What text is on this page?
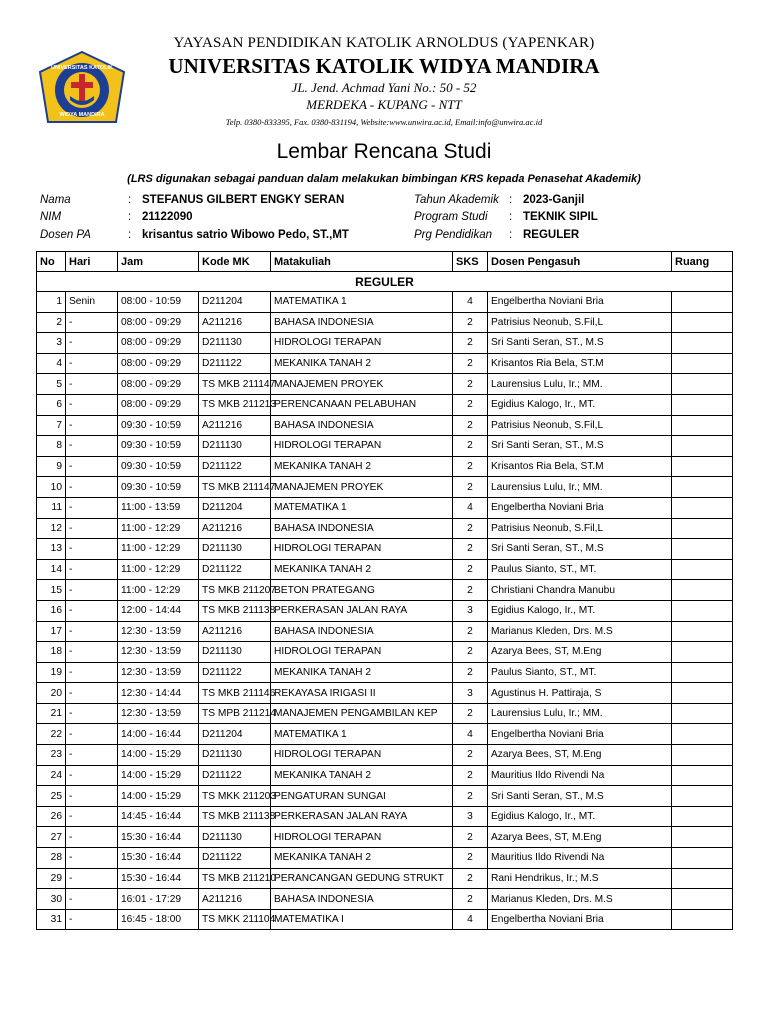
UNIVERSITAS KATOLIK
WIDYA MANDIRA
YAYASAN PENDIDIKAN KATOLIK ARNOLDUS (YAPENKAR)
UNIVERSITAS KATOLIK WIDYA MANDIRA
JL. Jend. Achmad Yani No.: 50 - 52
MERDEKA - KUPANG - NTT
Telp. 0380-833395, Fax. 0380-831194, Website:www.unwira.ac.id, Email:info@unwira.ac.id
Lembar Rencana Studi
(LRS digunakan sebagai panduan dalam melakukan bimbingan KRS kepada Penasehat Akademik)
Nama	: STEFANUS GILBERT ENGKY SERAN
NIM	: 21122090
Dosen PA	: krisantus satrio Wibowo Pedo, ST.,MT
Tahun Akademik : 2023-Ganjil
Program Studi : TEKNIK SIPIL
Prg Pendidikan : REGULER
No	Hari	Jam	Kode MK	Matakuliah	SKS	Dosen Pengasuh	Ruang
REGULER							
1	Senin	08:00 - 10:59	D211204	MATEMATIKA 1	4	Engelbertha Noviani Bria	
2	-	08:00 - 09:29	A211216	BAHASA INDONESIA	2	Patrisius Neonub, S.Fil,L	
3	-	08:00 - 09:29	D211130	HIDROLOGI TERAPAN	2	Sri Santi Seran, ST., M.S	
4	-	08:00 - 09:29	D211122	MEKANIKA TANAH 2	2	Krisantos Ria Bela, ST.M	
5	-	08:00 - 09:29	TS MKB 211147	MANAJEMEN PROYEK	2	Laurensius Lulu, Ir.; MM.	
6	-	08:00 - 09:29	TS MKB 211213	PERENCANAAN PELABUHAN	2	Egidius Kalogo, Ir., MT.	
7	-	09:30 - 10:59	A211216	BAHASA INDONESIA	2	Patrisius Neonub, S.Fil,L	
8	-	09:30 - 10:59	D211130	HIDROLOGI TERAPAN	2	Sri Santi Seran, ST., M.S	
9	-	09:30 - 10:59	D211122	MEKANIKA TANAH 2	2	Krisantos Ria Bela, ST.M	
10	-	09:30 - 10:59	TS MKB 211147	MANAJEMEN PROYEK	2	Laurensius Lulu, Ir.; MM.	
11	-	11:00 - 13:59	D211204	MATEMATIKA 1	4	Engelbertha Noviani Bria	
12	-	11:00 - 12:29	A211216	BAHASA INDONESIA	2	Patrisius Neonub, S.Fil,L	
13	-	11:00 - 12:29	D211130	HIDROLOGI TERAPAN	2	Sri Santi Seran, ST., M.S	
14	-	11:00 - 12:29	D211122	MEKANIKA TANAH 2	2	Paulus Sianto, ST., MT.	
15	-	11:00 - 12:29	TS MKB 211207	BETON PRATEGANG	2	Christiani Chandra Manubu	
16	-	12:00 - 14:44	TS MKB 211138	PERKERASAN JALAN RAYA	3	Egidius Kalogo, Ir., MT.	
17	-	12:30 - 13:59	A211216	BAHASA INDONESIA	2	Marianus Kleden, Drs. M.S	
18	-	12:30 - 13:59	D211130	HIDROLOGI TERAPAN	2	Azarya Bees, ST, M.Eng	
19	-	12:30 - 13:59	D211122	MEKANIKA TANAH 2	2	Paulus Sianto, ST., MT.	
20	-	12:30 - 14:44	TS MKB 211146	REKAYASA IRIGASI II	3	Agustinus H. Pattiraja, S	
21	-	12:30 - 13:59	TS MPB 211214	MANAJEMEN PENGAMBILAN KEP	2	Laurensius Lulu, Ir.; MM.	
22	-	14:00 - 16:44	D211204	MATEMATIKA 1	4	Engelbertha Noviani Bria	
23	-	14:00 - 15:29	D211130	HIDROLOGI TERAPAN	2	Azarya Bees, ST, M.Eng	
24	-	14:00 - 15:29	D211122	MEKANIKA TANAH 2	2	Mauritius Ildo Rivendi Na	
25	-	14:00 - 15:29	TS MKK 211203	PENGATURAN SUNGAI	2	Sri Santi Seran, ST., M.S	
26	-	14:45 - 16:44	TS MKB 211138	PERKERASAN JALAN RAYA	3	Egidius Kalogo, Ir., MT.	
27	-	15:30 - 16:44	D211130	HIDROLOGI TERAPAN	2	Azarya Bees, ST, M.Eng	
28	-	15:30 - 16:44	D211122	MEKANIKA TANAH 2	2	Mauritius Ildo Rivendi Na	
29	-	15:30 - 16:44	TS MKB 211210	PERANCANGAN GEDUNG STRUKT	2	Rani Hendrikus, Ir.; M.S	
30	-	16:01 - 17:29	A211216	BAHASA INDONESIA	2	Marianus Kleden, Drs. M.S	
31	-	16:45 - 18:00	TS MKK 211104	MATEMATIKA I	4	Engelbertha Noviani Bria	
